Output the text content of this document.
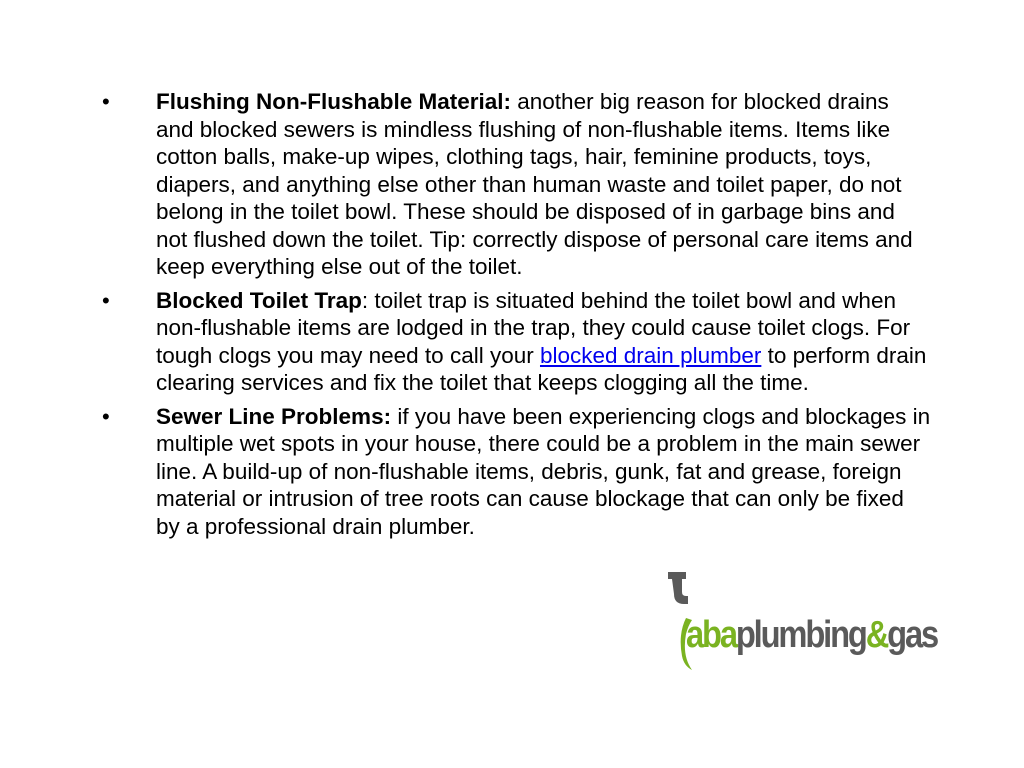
•	Flushing Non-Flushable Material: another big reason for blocked drains and blocked sewers is mindless flushing of non-flushable items. Items like cotton balls, make-up wipes, clothing tags, hair, feminine products, toys, diapers, and anything else other than human waste and toilet paper, do not belong in the toilet bowl. These should be disposed of in garbage bins and not flushed down the toilet. Tip: correctly dispose of personal care items and keep everything else out of the toilet.
•	Blocked Toilet Trap: toilet trap is situated behind the toilet bowl and when non-flushable items are lodged in the trap, they could cause toilet clogs. For tough clogs you may need to call your blocked drain plumber to perform drain clearing services and fix the toilet that keeps clogging all the time.
•	Sewer Line Problems: if you have been experiencing clogs and blockages in multiple wet spots in your house, there could be a problem in the main sewer line. A build-up of non-flushable items, debris, gunk, fat and grease, foreign material or intrusion of tree roots can cause blockage that can only be fixed by a professional drain plumber.
abaplumbing&gas
